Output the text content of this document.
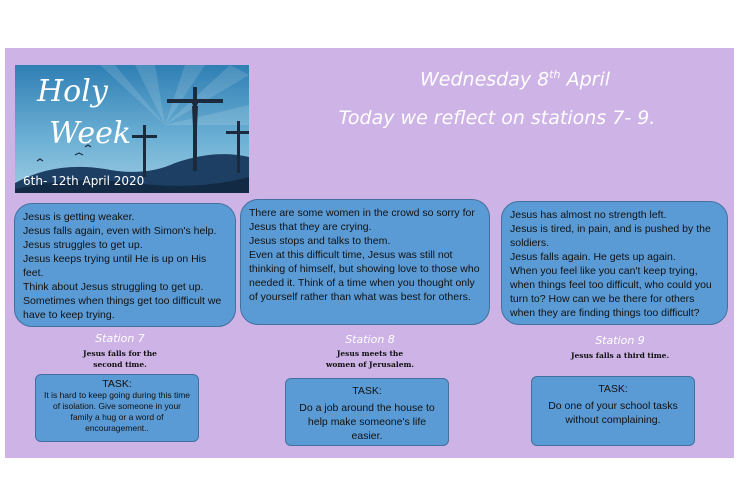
Holy
Week
6th- 12th April 2020
Wednesday 8th April
Today we reflect on stations 7- 9.

Jesus is getting weaker.

Jesus falls again, even with Simon's help.

Jesus struggles to get up.

Jesus keeps trying until He is up on His feet.

Think about Jesus struggling to get up. Sometimes when things get too difficult we have to keep trying.

There are some women in the crowd so sorry for Jesus that they are crying.

Jesus stops and talks to them.

Even at this difficult time, Jesus was still not thinking of himself, but showing love to those who needed it. Think of a time when you thought only of yourself rather than what was best for others.

Jesus has almost no strength left.

Jesus is tired, in pain, and is pushed by the soldiers.

Jesus falls again. He gets up again.

When you feel like you can't keep trying, when things feel too difficult, who could you turn to? How can we be there for others when they are finding things too difficult?

Station 7
Jesus falls for the
second time.
Station 8
Jesus meets the
women of Jerusalem.
Station 9
Jesus falls a third time.
TASK:
It is hard to keep going during this time of isolation. Give someone in your family a hug or a word of encouragement..
TASK:
Do a job around the house to help make someone's life easier.
TASK:
Do one of your school tasks without complaining.
